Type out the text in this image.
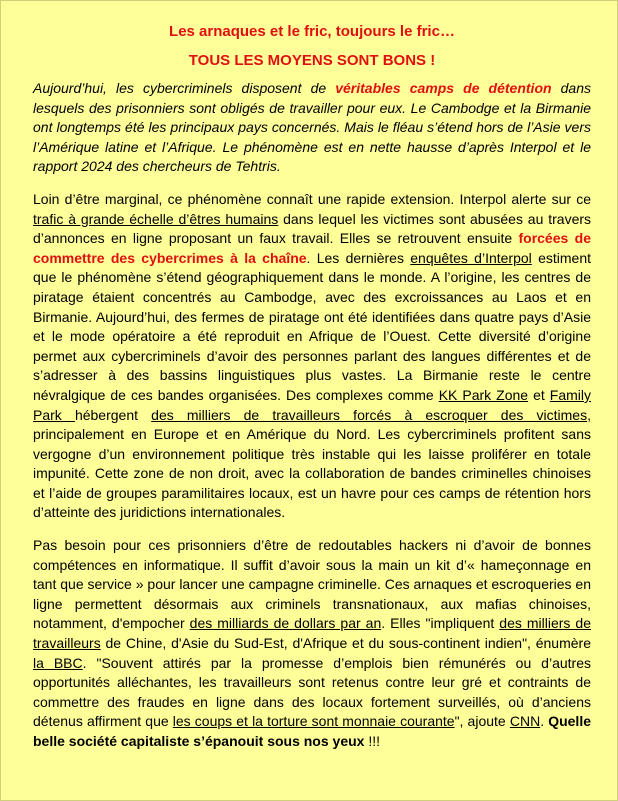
Les arnaques et le fric, toujours le fric…
TOUS LES MOYENS SONT BONS !

Aujourd’hui, les cybercriminels disposent de véritables camps de détention dans lesquels des prisonniers sont obligés de travailler pour eux. Le Cambodge et la Birmanie ont longtemps été les principaux pays concernés. Mais le fléau s’étend hors de l’Asie vers l’Amérique latine et l’Afrique. Le phénomène est en nette hausse d’après Interpol et le rapport 2024 des chercheurs de Tehtris.

Loin d’être marginal, ce phénomène connaît une rapide extension. Interpol alerte sur ce trafic à grande échelle d’êtres humains dans lequel les victimes sont abusées au travers d’annonces en ligne proposant un faux travail. Elles se retrouvent ensuite forcées de commettre des cybercrimes à la chaîne. Les dernières enquêtes d’Interpol estiment que le phénomène s’étend géographiquement dans le monde. A l’origine, les centres de piratage étaient concentrés au Cambodge, avec des excroissances au Laos et en Birmanie. Aujourd’hui, des fermes de piratage ont été identifiées dans quatre pays d’Asie et le mode opératoire a été reproduit en Afrique de l’Ouest. Cette diversité d’origine permet aux cybercriminels d’avoir des personnes parlant des langues différentes et de s’adresser à des bassins linguistiques plus vastes. La Birmanie reste le centre névralgique de ces bandes organisées. Des complexes comme KK Park Zone et Family Park hébergent des milliers de travailleurs forcés à escroquer des victimes, principalement en Europe et en Amérique du Nord. Les cybercriminels profitent sans vergogne d’un environnement politique très instable qui les laisse proliférer en totale impunité. Cette zone de non droit, avec la collaboration de bandes criminelles chinoises et l’aide de groupes paramilitaires locaux, est un havre pour ces camps de rétention hors d’atteinte des juridictions internationales.

Pas besoin pour ces prisonniers d’être de redoutables hackers ni d’avoir de bonnes compétences en informatique. Il suffit d’avoir sous la main un kit d’« hameçonnage en tant que service » pour lancer une campagne criminelle. Ces arnaques et escroqueries en ligne permettent désormais aux criminels transnationaux, aux mafias chinoises, notamment, d'empocher des milliards de dollars par an. Elles "impliquent des milliers de travailleurs de Chine, d'Asie du Sud-Est, d'Afrique et du sous-continent indien", énumère la BBC. "Souvent attirés par la promesse d’emplois bien rémunérés ou d’autres opportunités alléchantes, les travailleurs sont retenus contre leur gré et contraints de commettre des fraudes en ligne dans des locaux fortement surveillés, où d’anciens détenus affirment que les coups et la torture sont monnaie courante", ajoute CNN. Quelle belle société capitaliste s’épanouit sous nos yeux !!!
